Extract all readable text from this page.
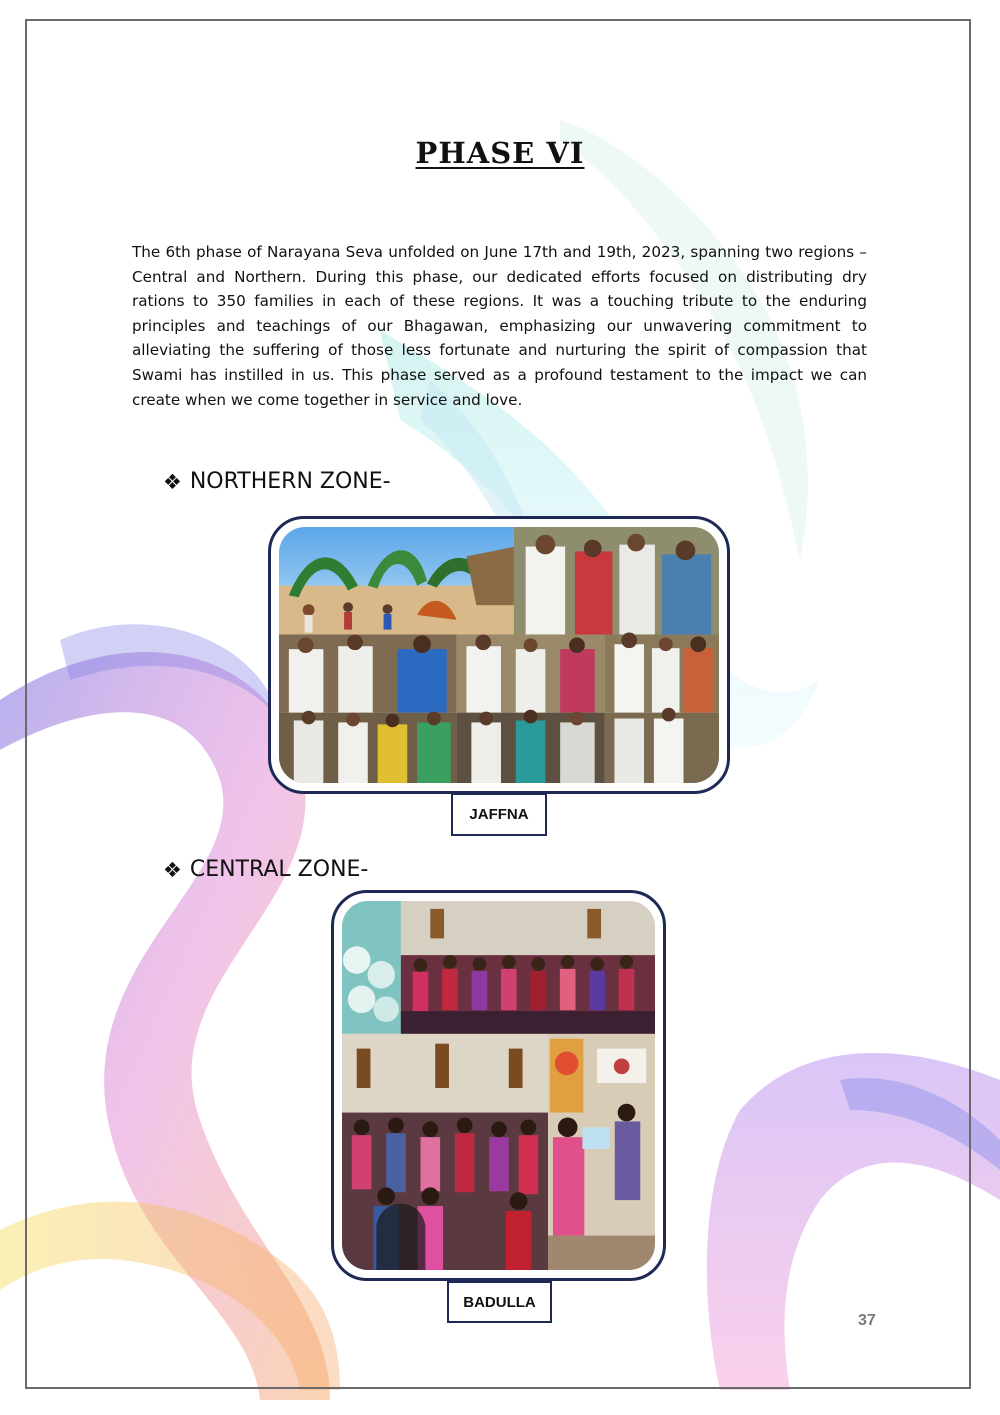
PHASE VI

The 6th phase of Narayana Seva unfolded on June 17th and 19th, 2023, spanning two regions – Central and Northern. During this phase, our dedicated efforts focused on distributing dry rations to 350 families in each of these regions. It was a touching tribute to the enduring principles and teachings of our Bhagawan, emphasizing our unwavering commitment to alleviating the suffering of those less fortunate and nurturing the spirit of compassion that Swami has instilled in us. This phase served as a profound testament to the impact we can create when we come together in service and love.

❖ NORTHERN ZONE-
JAFFNA
❖ CENTRAL ZONE-
BADULLA
37
